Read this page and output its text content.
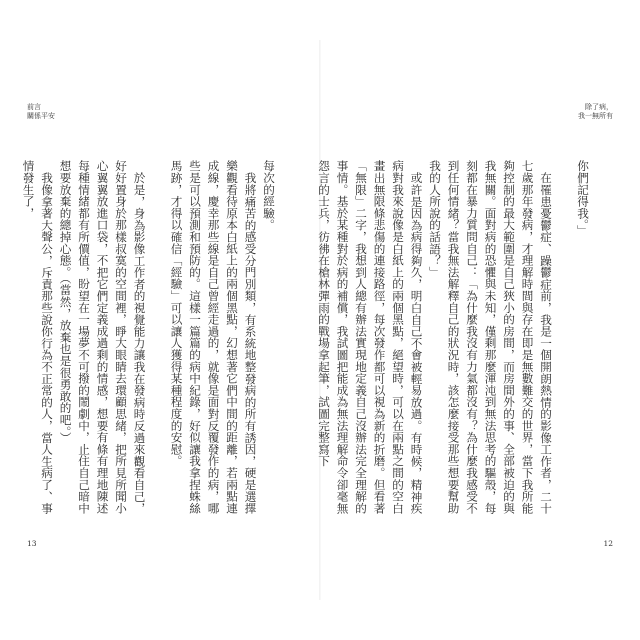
前言
關係平安

每次的經驗。

我將痛苦的感受分門別類，有系統地整發病的所有誘因，硬是選擇樂觀看待原本白紙上的兩個黑點，幻想著它們中間的距離，若兩點連成線，慶幸那些線是自己曾經走過的，就像是面對反覆發作的病，哪些是可以預測和預防的。這樣一篇篇的病中紀錄，好似讓我拿捏蛛絲馬跡，才得以確信「經驗」可以讓人獲得某種程度的安慰。

於是，身為影像工作者的視覺能力讓我在發病時反過來觀看自己，好好置身於那樣叔寞的空間裡，睜大眼睛去環顧思緒，把所見所聞小心翼翼放進口袋，不把它們定義成過剩的情感，想要有條有理地陳述每種情緒都有所價值，盼望在一場夢不可撥的鬧劇中，止住自己暗中想要放棄的總掉心態。（當然，放棄也是很勇敢的吧。）

我像拿著大聲公，斥責那些說你行為不正常的人，當人生病了、事情發生了，

13
除了病，
我一無所有

你們記得我。」

在罹患憂鬱症、躁鬱症前，我是一個開朗熱情的影像工作者，二十七歲那年發病，才理解時間與存在即是無數難交的世界，當下我所能夠控制的最大範圍是自己狹小的房間，而房間外的事、全部被迫的與我無關。面對病的恐懼與未知，僅剩那麼渾沌到無法思考的驅殼，每刻都在暴力質問自己：「為什麼我沒有力氣都沒有？為什麼我感受不到任何情緒？當我無法解釋自己的狀況時，該怎麼接受那些想要幫助我的人所說的話語？」

或許是因為病得夠久，明白自己不會被輕易放過。有時候，精神疾病對我來說像是白紙上的兩個黑點，絕望時，可以在兩點之間的空白畫出無限條悲傷的連接路徑，每次發作都可以視為新的折磨。但看著「無限」二字，我想到人總有辦法實現地定義自己沒辦法完全理解的事情。基於某種對於病的補償，我試圖把能成為無法理解命令卻毫無怨言的士兵，彷彿在槍林彈雨的戰場拿起筆，試圖完整寫下

12
